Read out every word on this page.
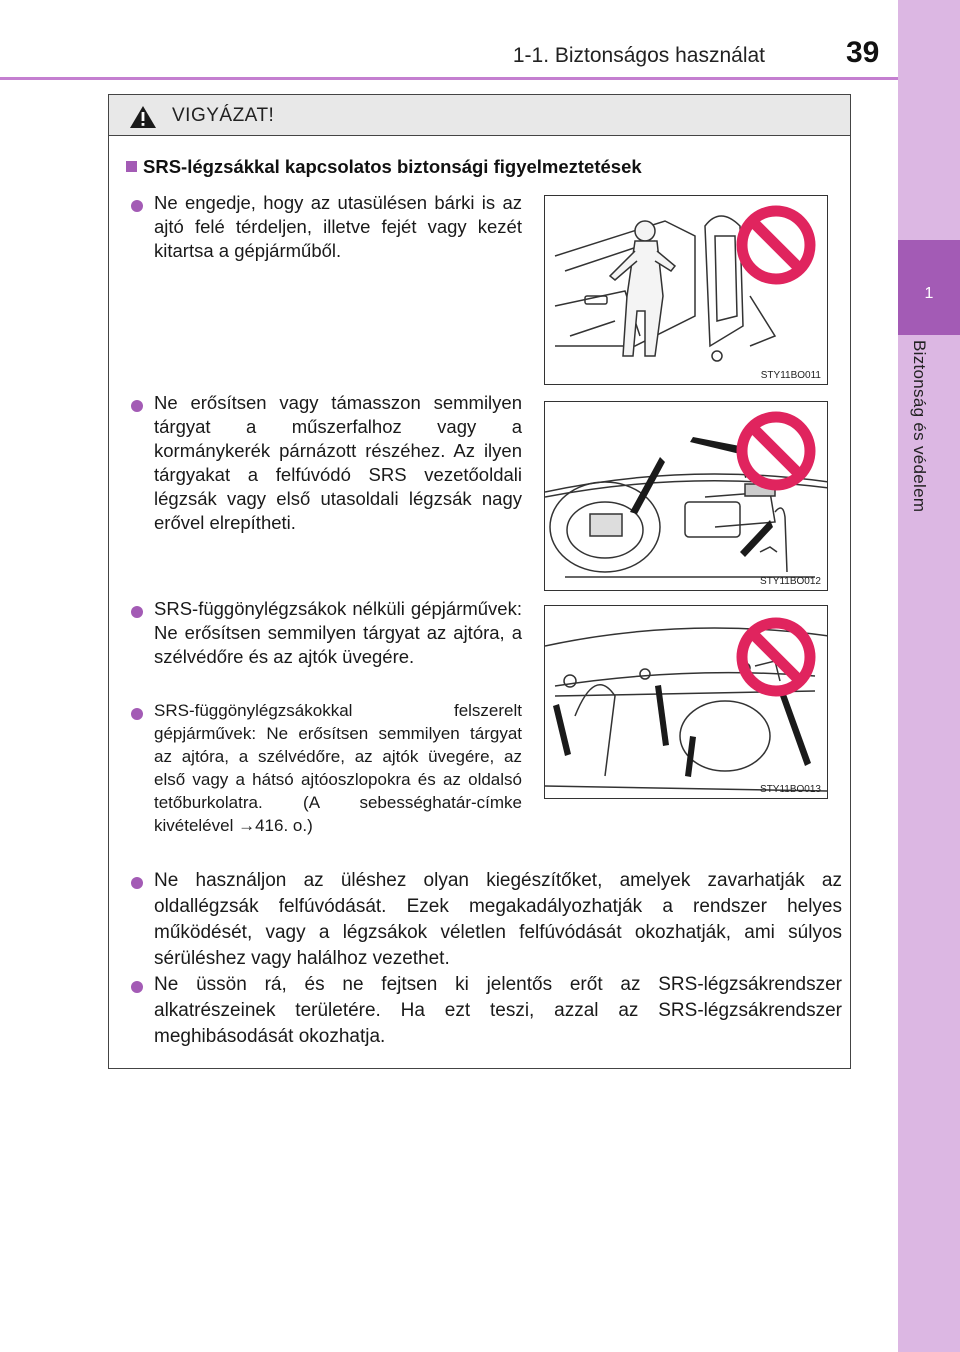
1-1. Biztonságos használat	39
1
Biztonság és védelem
VIGYÁZAT!
SRS-légzsákkal kapcsolatos biztonsági figyelmeztetések
Ne engedje, hogy az utasülésen bárki is az ajtó felé térdeljen, illetve fejét vagy kezét kitartsa a gépjárműből.
STY11BO011
Ne erősítsen vagy támasszon semmilyen tárgyat a műszerfalhoz vagy a kormánykerék párnázott részéhez. Az ilyen tárgyakat a felfúvódó SRS vezetőoldali légzsák vagy első utasoldali légzsák nagy erővel elrepítheti.
STY11BO012
SRS-függönylégzsákok nélküli gépjárművek: Ne erősítsen semmilyen tárgyat az ajtóra, a szélvédőre és az ajtók üvegére.
STY11BO013
SRS-függönylégzsákokkal felszerelt gépjárművek: Ne erősítsen semmilyen tárgyat az ajtóra, a szélvédőre, az ajtók üvegére, az első vagy a hátsó ajtóoszlopokra és az oldalsó tetőburkolatra. (A sebességhatár-címke kivételével →416. o.)
Ne használjon az üléshez olyan kiegészítőket, amelyek zavarhatják az oldallégzsák felfúvódását. Ezek megakadályozhatják a rendszer helyes működését, vagy a légzsákok véletlen felfúvódását okozhatják, ami súlyos sérüléshez vagy halálhoz vezethet.
Ne üssön rá, és ne fejtsen ki jelentős erőt az SRS-légzsákrendszer alkatrészeinek területére. Ha ezt teszi, azzal az SRS-légzsákrendszer meghibásodását okozhatja.
